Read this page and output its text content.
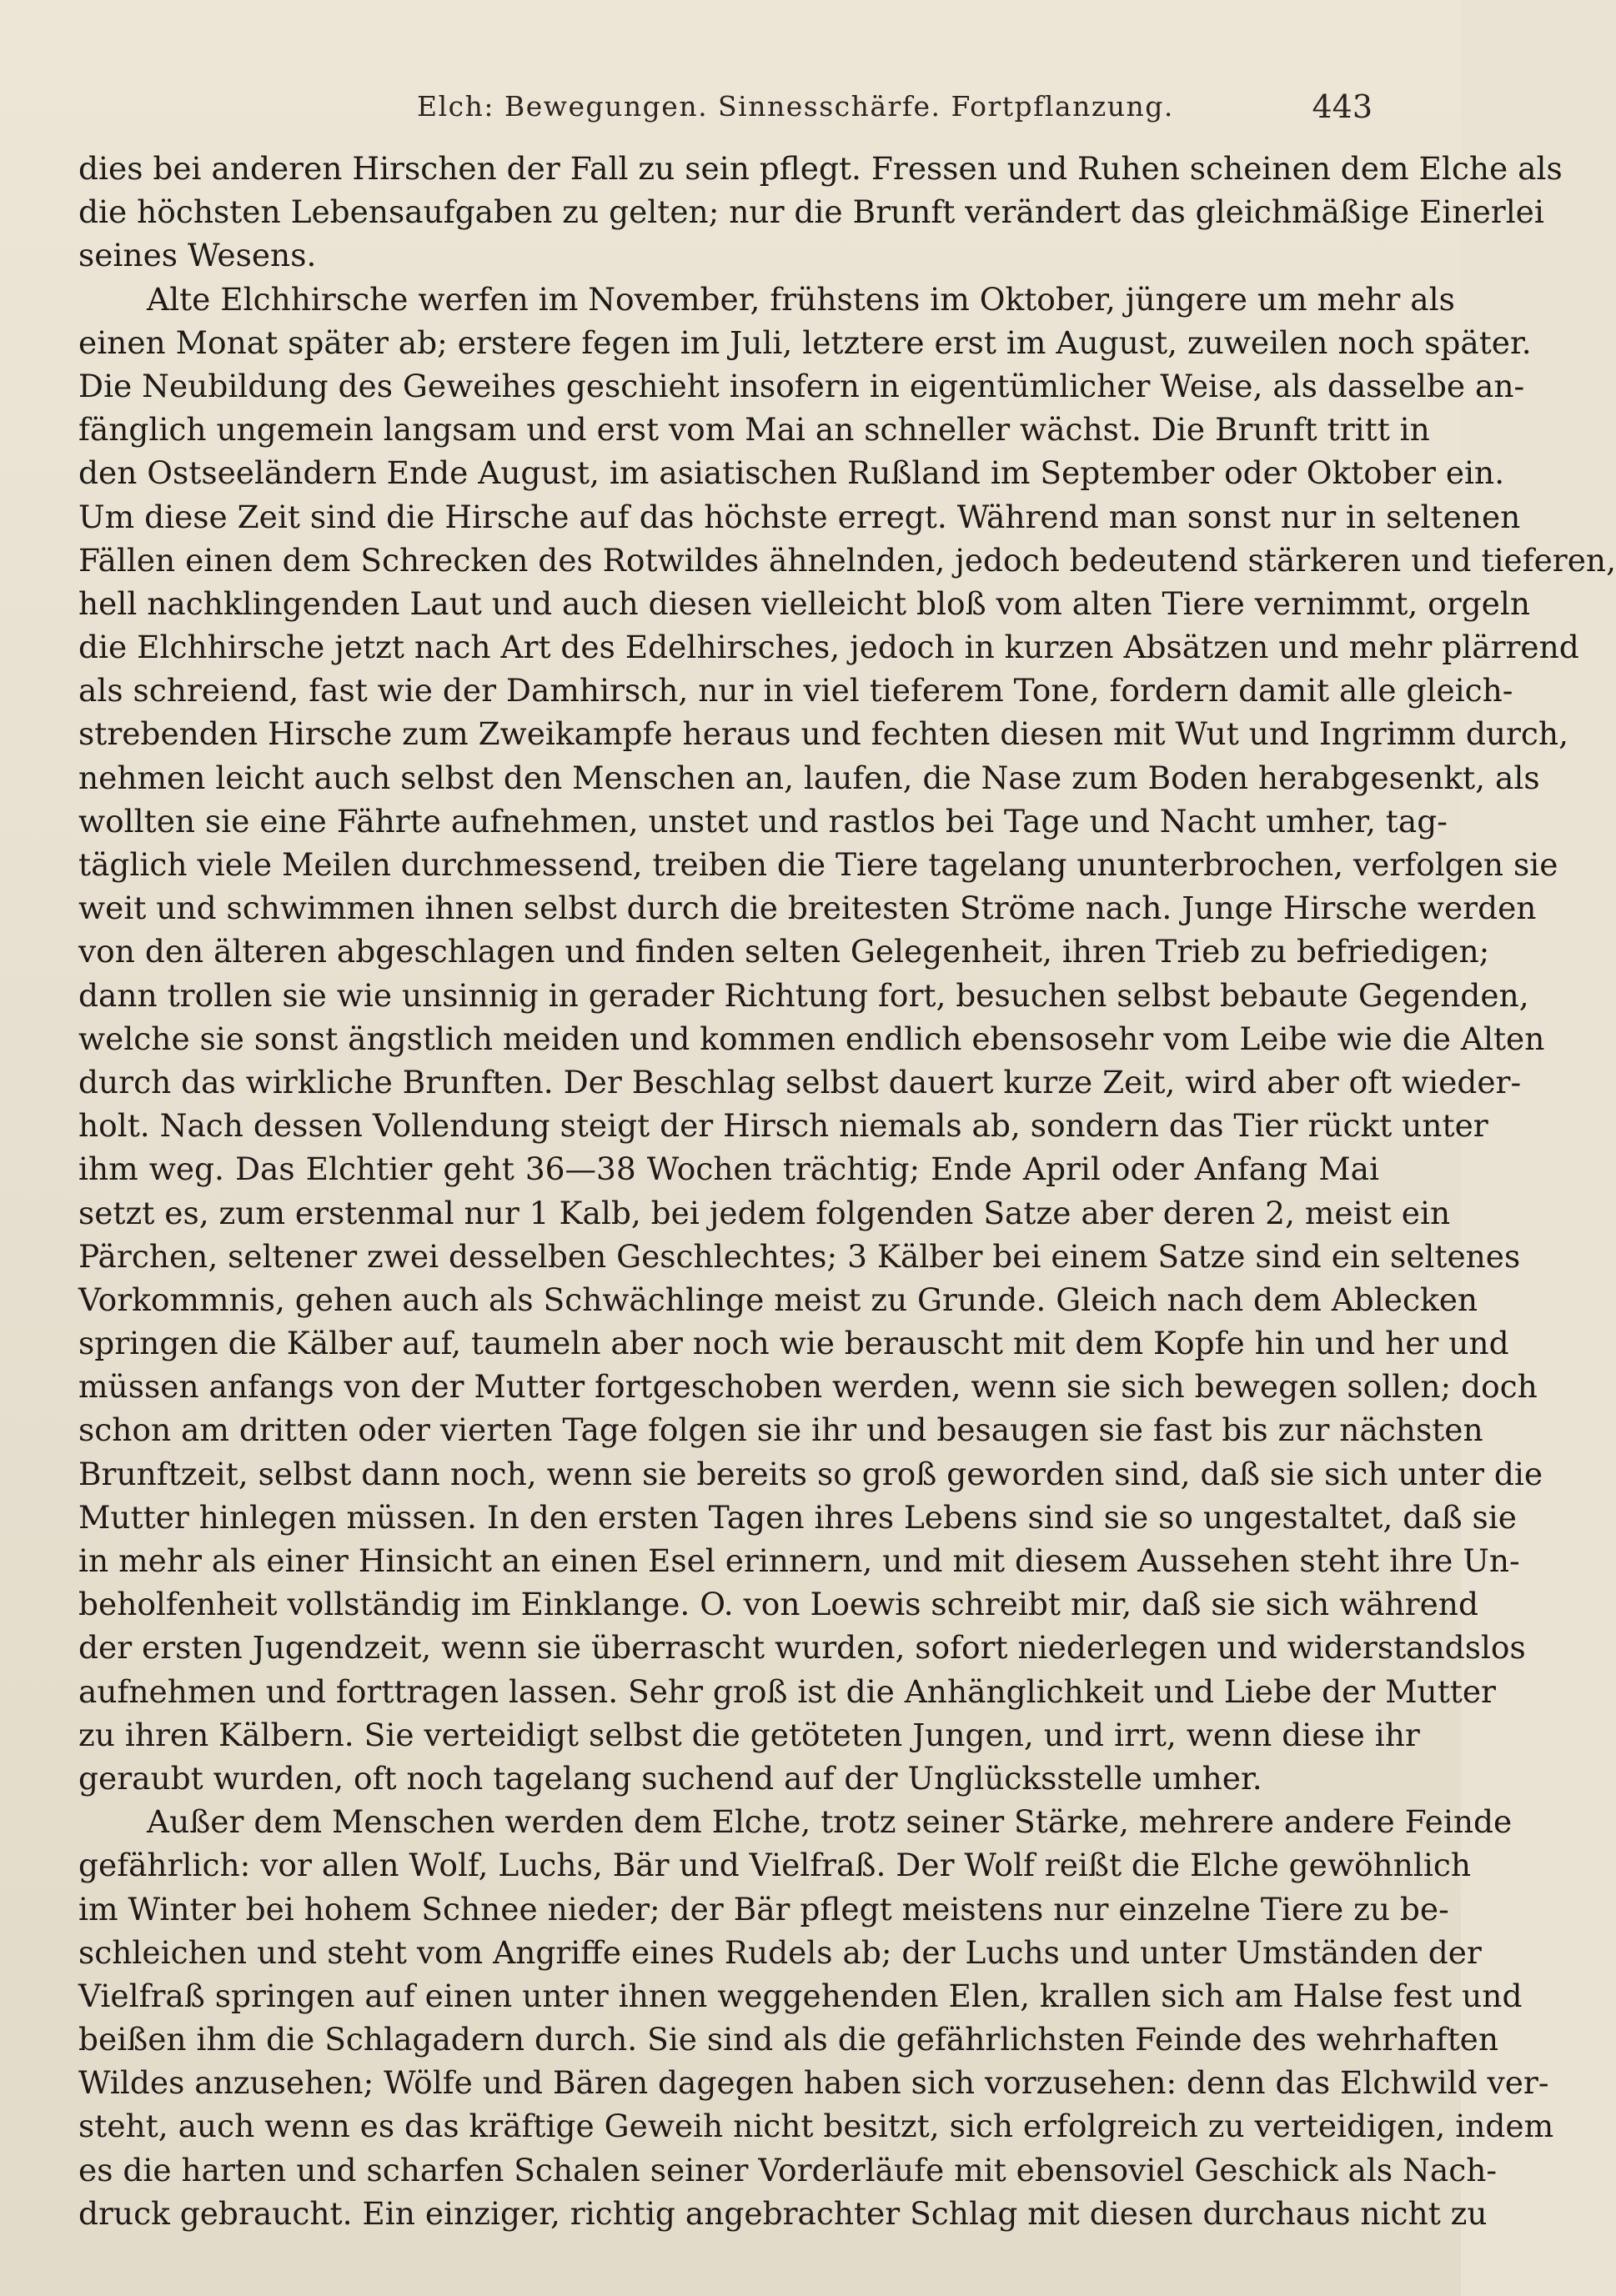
Elch: Bewegungen. Sinnesschärfe. Fortpflanzung.	443
dies bei anderen Hirschen der Fall zu sein pflegt. Fressen und Ruhen scheinen dem Elche als
die höchsten Lebensaufgaben zu gelten; nur die Brunft verändert das gleichmäßige Einerlei
seines Wesens.
Alte Elchhirsche werfen im November, frühstens im Oktober, jüngere um mehr als
einen Monat später ab; erstere fegen im Juli, letztere erst im August, zuweilen noch später.
Die Neubildung des Geweihes geschieht insofern in eigentümlicher Weise, als dasselbe an-
fänglich ungemein langsam und erst vom Mai an schneller wächst. Die Brunft tritt in
den Ostseeländern Ende August, im asiatischen Rußland im September oder Oktober ein.
Um diese Zeit sind die Hirsche auf das höchste erregt. Während man sonst nur in seltenen
Fällen einen dem Schrecken des Rotwildes ähnelnden, jedoch bedeutend stärkeren und tieferen,
hell nachklingenden Laut und auch diesen vielleicht bloß vom alten Tiere vernimmt, orgeln
die Elchhirsche jetzt nach Art des Edelhirsches, jedoch in kurzen Absätzen und mehr plärrend
als schreiend, fast wie der Damhirsch, nur in viel tieferem Tone, fordern damit alle gleich-
strebenden Hirsche zum Zweikampfe heraus und fechten diesen mit Wut und Ingrimm durch,
nehmen leicht auch selbst den Menschen an, laufen, die Nase zum Boden herabgesenkt, als
wollten sie eine Fährte aufnehmen, unstet und rastlos bei Tage und Nacht umher, tag-
täglich viele Meilen durchmessend, treiben die Tiere tagelang ununterbrochen, verfolgen sie
weit und schwimmen ihnen selbst durch die breitesten Ströme nach. Junge Hirsche werden
von den älteren abgeschlagen und finden selten Gelegenheit, ihren Trieb zu befriedigen;
dann trollen sie wie unsinnig in gerader Richtung fort, besuchen selbst bebaute Gegenden,
welche sie sonst ängstlich meiden und kommen endlich ebensosehr vom Leibe wie die Alten
durch das wirkliche Brunften. Der Beschlag selbst dauert kurze Zeit, wird aber oft wieder-
holt. Nach dessen Vollendung steigt der Hirsch niemals ab, sondern das Tier rückt unter
ihm weg. Das Elchtier geht 36—38 Wochen trächtig; Ende April oder Anfang Mai
setzt es, zum erstenmal nur 1 Kalb, bei jedem folgenden Satze aber deren 2, meist ein
Pärchen, seltener zwei desselben Geschlechtes; 3 Kälber bei einem Satze sind ein seltenes
Vorkommnis, gehen auch als Schwächlinge meist zu Grunde. Gleich nach dem Ablecken
springen die Kälber auf, taumeln aber noch wie berauscht mit dem Kopfe hin und her und
müssen anfangs von der Mutter fortgeschoben werden, wenn sie sich bewegen sollen; doch
schon am dritten oder vierten Tage folgen sie ihr und besaugen sie fast bis zur nächsten
Brunftzeit, selbst dann noch, wenn sie bereits so groß geworden sind, daß sie sich unter die
Mutter hinlegen müssen. In den ersten Tagen ihres Lebens sind sie so ungestaltet, daß sie
in mehr als einer Hinsicht an einen Esel erinnern, und mit diesem Aussehen steht ihre Un-
beholfenheit vollständig im Einklange. O. von Loewis schreibt mir, daß sie sich während
der ersten Jugendzeit, wenn sie überrascht wurden, sofort niederlegen und widerstandslos
aufnehmen und forttragen lassen. Sehr groß ist die Anhänglichkeit und Liebe der Mutter
zu ihren Kälbern. Sie verteidigt selbst die getöteten Jungen, und irrt, wenn diese ihr
geraubt wurden, oft noch tagelang suchend auf der Unglücksstelle umher.
Außer dem Menschen werden dem Elche, trotz seiner Stärke, mehrere andere Feinde
gefährlich: vor allen Wolf, Luchs, Bär und Vielfraß. Der Wolf reißt die Elche gewöhnlich
im Winter bei hohem Schnee nieder; der Bär pflegt meistens nur einzelne Tiere zu be-
schleichen und steht vom Angriffe eines Rudels ab; der Luchs und unter Umständen der
Vielfraß springen auf einen unter ihnen weggehenden Elen, krallen sich am Halse fest und
beißen ihm die Schlagadern durch. Sie sind als die gefährlichsten Feinde des wehrhaften
Wildes anzusehen; Wölfe und Bären dagegen haben sich vorzusehen: denn das Elchwild ver-
steht, auch wenn es das kräftige Geweih nicht besitzt, sich erfolgreich zu verteidigen, indem
es die harten und scharfen Schalen seiner Vorderläufe mit ebensoviel Geschick als Nach-
druck gebraucht. Ein einziger, richtig angebrachter Schlag mit diesen durchaus nicht zu
